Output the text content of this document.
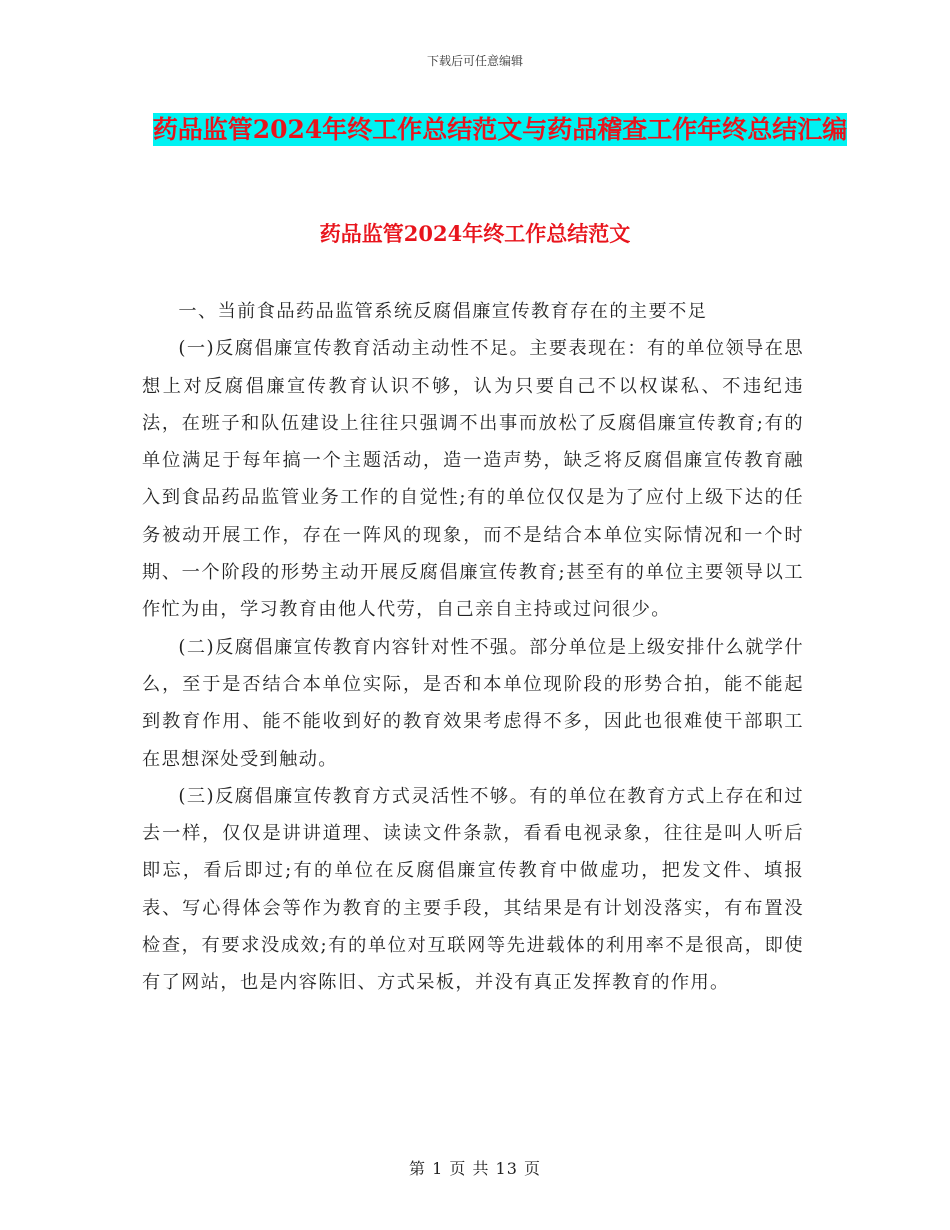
下载后可任意编辑
药品监管2024年终工作总结范文与药品稽查工作年终总结汇编
药品监管2024年终工作总结范文

一、当前食品药品监管系统反腐倡廉宣传教育存在的主要不足

(一)反腐倡廉宣传教育活动主动性不足。主要表现在：有的单位领导在思想上对反腐倡廉宣传教育认识不够，认为只要自己不以权谋私、不违纪违法，在班子和队伍建设上往往只强调不出事而放松了反腐倡廉宣传教育;有的单位满足于每年搞一个主题活动，造一造声势，缺乏将反腐倡廉宣传教育融入到食品药品监管业务工作的自觉性;有的单位仅仅是为了应付上级下达的任务被动开展工作，存在一阵风的现象，而不是结合本单位实际情况和一个时期、一个阶段的形势主动开展反腐倡廉宣传教育;甚至有的单位主要领导以工作忙为由，学习教育由他人代劳，自己亲自主持或过问很少。

(二)反腐倡廉宣传教育内容针对性不强。部分单位是上级安排什么就学什么，至于是否结合本单位实际，是否和本单位现阶段的形势合拍，能不能起到教育作用、能不能收到好的教育效果考虑得不多，因此也很难使干部职工在思想深处受到触动。

(三)反腐倡廉宣传教育方式灵活性不够。有的单位在教育方式上存在和过去一样，仅仅是讲讲道理、读读文件条款，看看电视录象，往往是叫人听后即忘，看后即过;有的单位在反腐倡廉宣传教育中做虚功，把发文件、填报表、写心得体会等作为教育的主要手段，其结果是有计划没落实，有布置没检查，有要求没成效;有的单位对互联网等先进载体的利用率不是很高，即使有了网站，也是内容陈旧、方式呆板，并没有真正发挥教育的作用。

第 1 页 共 13 页
